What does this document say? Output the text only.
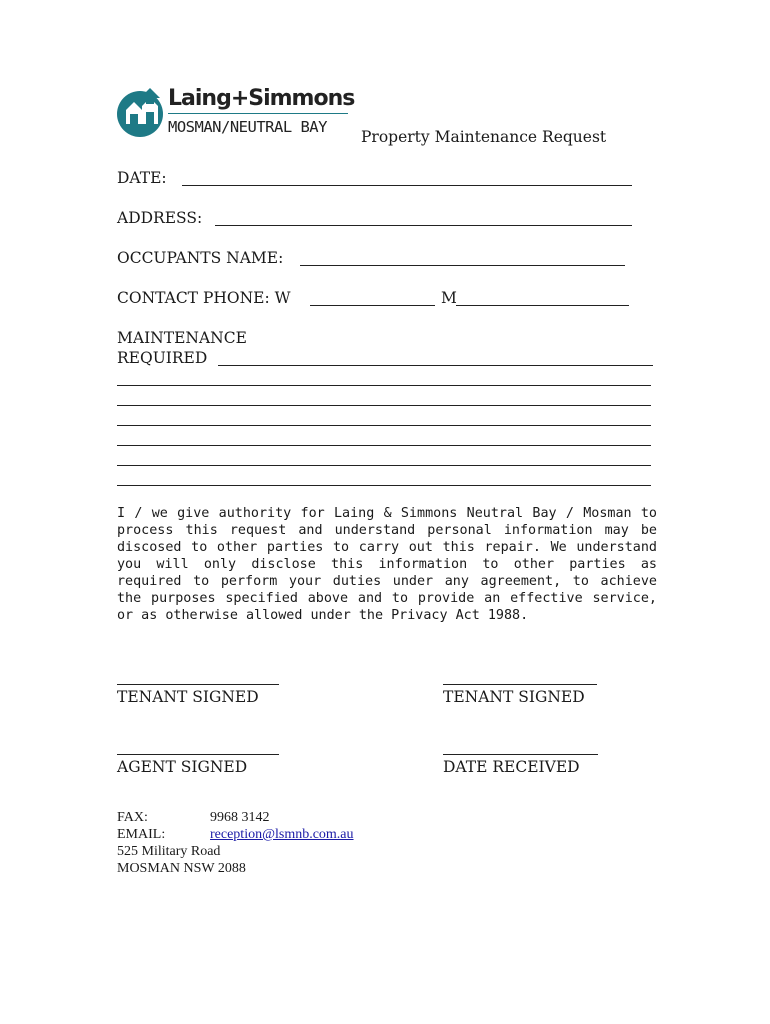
Laing+Simmons
MOSMAN/NEUTRAL BAY
Property Maintenance Request
DATE:
ADDRESS:
OCCUPANTS NAME:
CONTACT PHONE: W	M
MAINTENANCE
REQUIRED
I / we give authority for Laing & Simmons Neutral Bay / Mosman to process this request and understand personal information may be discosed to other parties to carry out this repair. We understand you will only disclose this information to other parties as required to perform your duties under any agreement, to achieve the purposes specified above and to provide an effective service, or as otherwise allowed under the Privacy Act 1988.
TENANT SIGNED	TENANT SIGNED
AGENT SIGNED	DATE RECEIVED
FAX:	9968 3142
EMAIL:	reception@lsmnb.com.au
525 Military Road
MOSMAN NSW 2088
